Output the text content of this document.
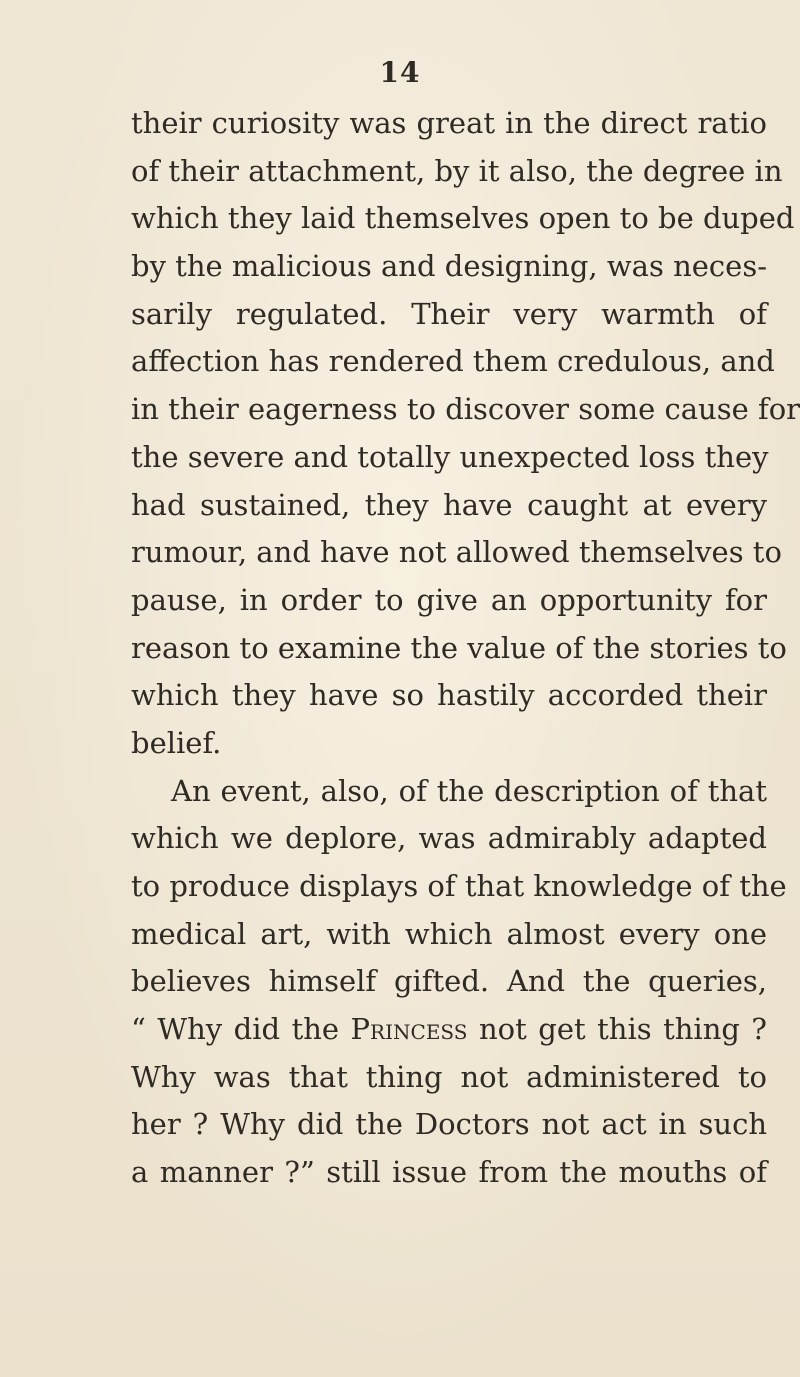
14
their curiosity was great in the direct ratio
of their attachment, by it also, the degree in
which they laid themselves open to be duped
by the malicious and designing, was neces-
sarily regulated. Their very warmth of
affection has rendered them credulous, and
in their eagerness to discover some cause for
the severe and totally unexpected loss they
had sustained, they have caught at every
rumour, and have not allowed themselves to
pause, in order to give an opportunity for
reason to examine the value of the stories to
which they have so hastily accorded their
belief.
An event, also, of the description of that
which we deplore, was admirably adapted
to produce displays of that knowledge of the
medical art, with which almost every one
believes himself gifted. And the queries,
“ Why did the Princess not get this thing ?
Why was that thing not administered to
her ? Why did the Doctors not act in such
a manner ?” still issue from the mouths of
